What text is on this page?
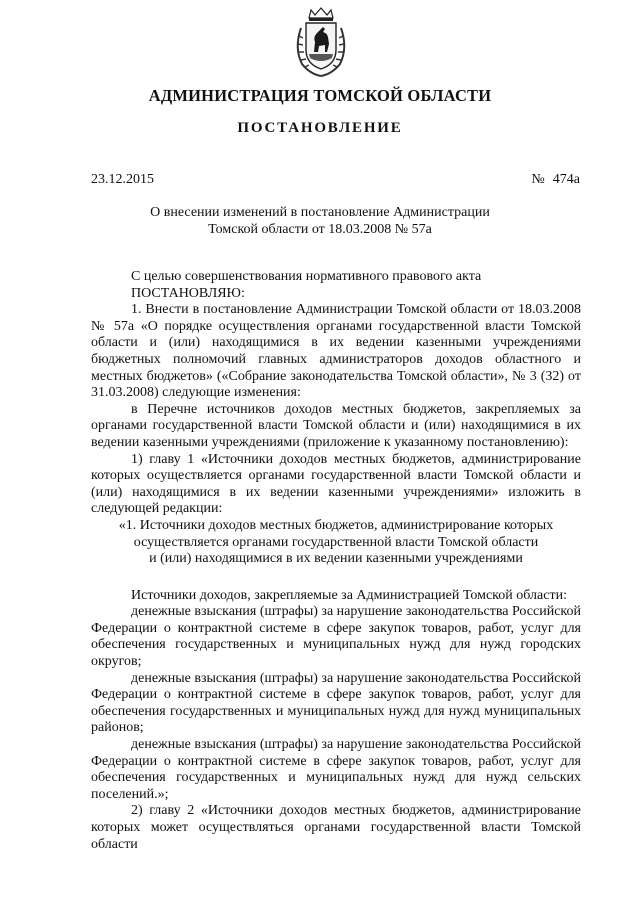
АДМИНИСТРАЦИЯ ТОМСКОЙ ОБЛАСТИ
ПОСТАНОВЛЕНИЕ
23.12.2015	№ 474а
О внесении изменений в постановление Администрации
Томской области от 18.03.2008 № 57а

С целью совершенствования нормативного правового акта

ПОСТАНОВЛЯЮ:

1. Внести в постановление Администрации Томской области от 18.03.2008 № 57а «О порядке осуществления органами государственной власти Томской области и (или) находящимися в их ведении казенными учреждениями бюджетных полномочий главных администраторов доходов областного и местных бюджетов» («Собрание законодательства Томской области», № 3 (32) от 31.03.2008) следующие изменения:

в Перечне источников доходов местных бюджетов, закрепляемых за органами государственной власти Томской области и (или) находящимися в их ведении казенными учреждениями (приложение к указанному постановлению):

1) главу 1 «Источники доходов местных бюджетов, администрирование которых осуществляется органами государственной власти Томской области и (или) находящимися в их ведении казенными учреждениями» изложить в следующей редакции:

«1. Источники доходов местных бюджетов, администрирование которых
осуществляется органами государственной власти Томской области
и (или) находящимися в их ведении казенными учреждениями

Источники доходов, закрепляемые за Администрацией Томской области:

денежные взыскания (штрафы) за нарушение законодательства Российской Федерации о контрактной системе в сфере закупок товаров, работ, услуг для обеспечения государственных и муниципальных нужд для нужд городских округов;

денежные взыскания (штрафы) за нарушение законодательства Российской Федерации о контрактной системе в сфере закупок товаров, работ, услуг для обеспечения государственных и муниципальных нужд для нужд муниципальных районов;

денежные взыскания (штрафы) за нарушение законодательства Российской Федерации о контрактной системе в сфере закупок товаров, работ, услуг для обеспечения государственных и муниципальных нужд для нужд сельских поселений.»;

2) главу 2 «Источники доходов местных бюджетов, администрирование которых может осуществляться органами государственной власти Томской области
